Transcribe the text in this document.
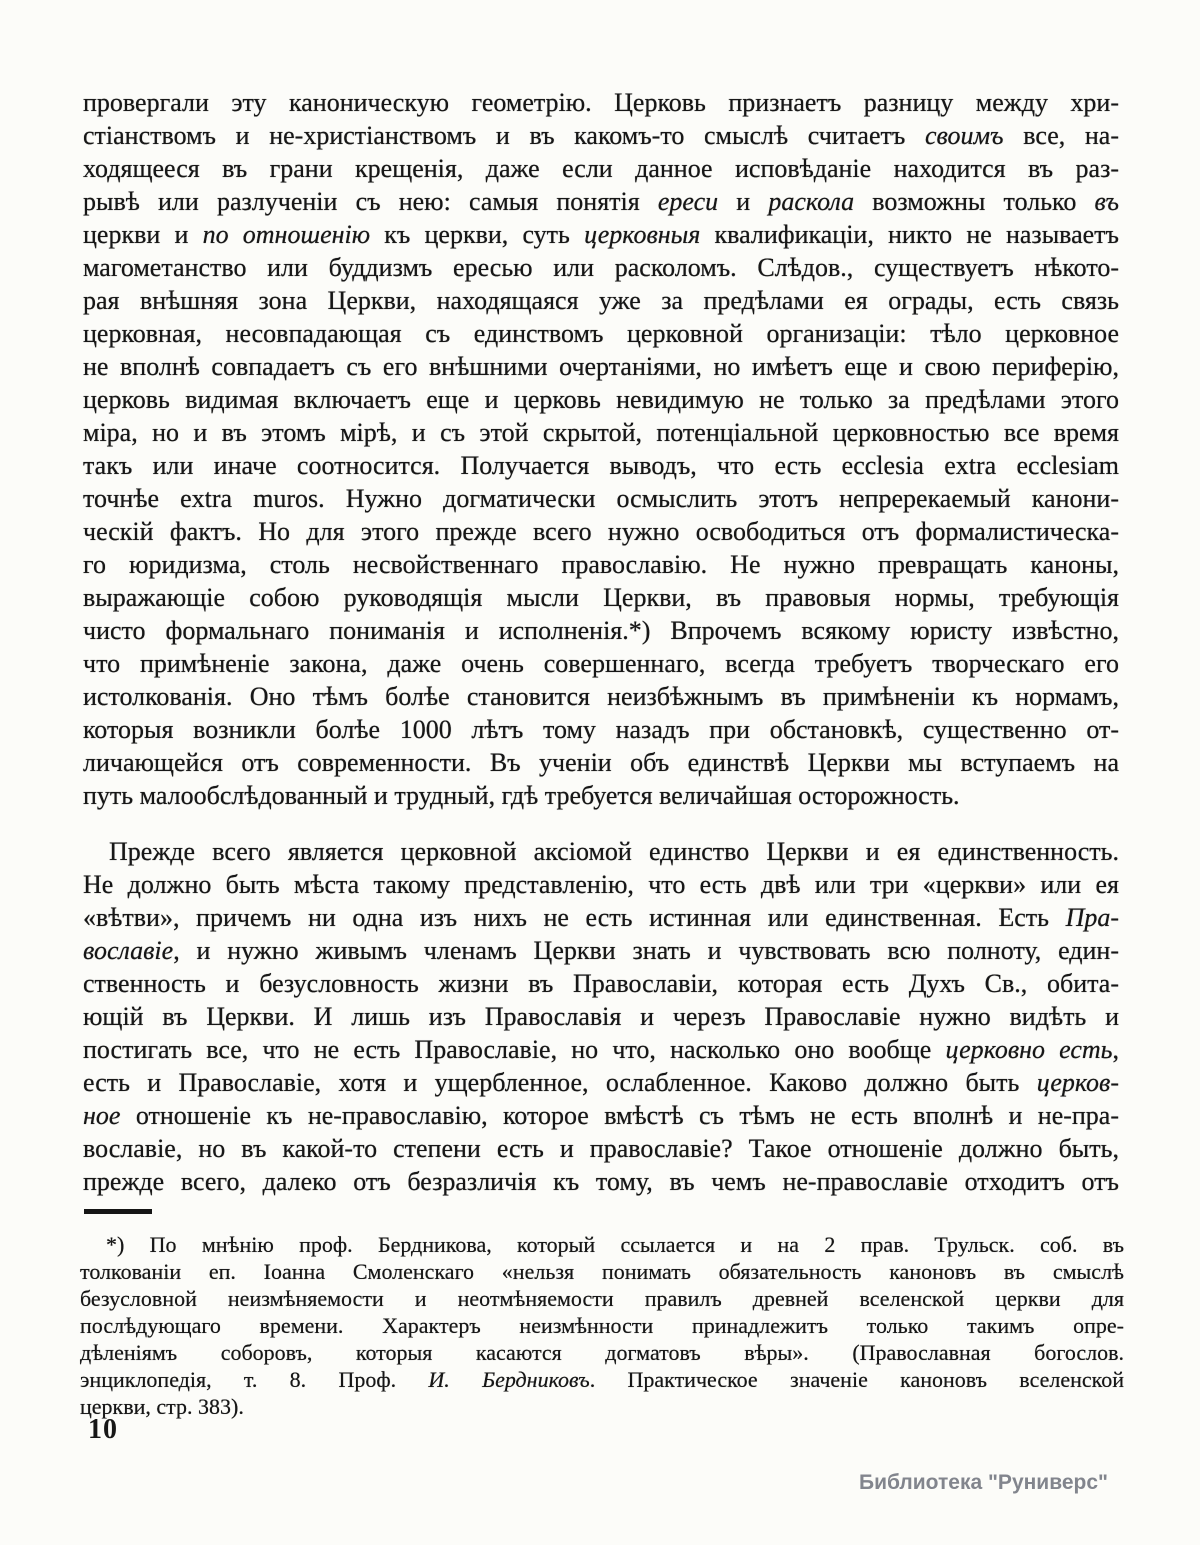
провергали эту каноническую геометрію. Церковь признаетъ разницу между хри-
стіанствомъ и не-христіанствомъ и въ какомъ-то смыслѣ считаетъ своимъ все, на-
ходящееся въ грани крещенія, даже если данное исповѣданіе находится въ раз-
рывѣ или разлученіи съ нею: самыя понятія ереси и раскола возможны только въ
церкви и по отношенію къ церкви, суть церковныя квалификаціи, никто не называетъ
магометанство или буддизмъ ересью или расколомъ. Слѣдов., существуетъ нѣкото-
рая внѣшняя зона Церкви, находящаяся уже за предѣлами ея ограды, есть связь
церковная, несовпадающая съ единствомъ церковной организаціи: тѣло церковное
не вполнѣ совпадаетъ съ его внѣшними очертаніями, но имѣетъ еще и свою периферію,
церковь видимая включаетъ еще и церковь невидимую не только за предѣлами этого
міра, но и въ этомъ мірѣ, и съ этой скрытой, потенціальной церковностью все время
такъ или иначе соотносится. Получается выводъ, что есть ecclesia extra ecclesiam
точнѣе extra muros. Нужно догматически осмыслить этотъ непререкаемый канони-
ческій фактъ. Но для этого прежде всего нужно освободиться отъ формалистическа-
го юридизма, столь несвойственнаго православію. Не нужно превращать каноны,
выражающіе собою руководящія мысли Церкви, въ правовыя нормы, требующія
чисто формальнаго пониманія и исполненія.*) Впрочемъ всякому юристу извѣстно,
что примѣненіе закона, даже очень совершеннаго, всегда требуетъ творческаго его
истолкованія. Оно тѣмъ болѣе становится неизбѣжнымъ въ примѣненіи къ нормамъ,
которыя возникли болѣе 1000 лѣтъ тому назадъ при обстановкѣ, существенно от-
личающейся отъ современности. Въ ученіи объ единствѣ Церкви мы вступаемъ на
путь малообслѣдованный и трудный, гдѣ требуется величайшая осторожность.
Прежде всего является церковной аксіомой единство Церкви и ея единственность.
Не должно быть мѣста такому представленію, что есть двѣ или три «церкви» или ея
«вѣтви», причемъ ни одна изъ нихъ не есть истинная или единственная. Есть Пра-
вославіе, и нужно живымъ членамъ Церкви знать и чувствовать всю полноту, един-
ственность и безусловность жизни въ Православіи, которая есть Духъ Св., обита-
ющій въ Церкви. И лишь изъ Православія и черезъ Православіе нужно видѣть и
постигать все, что не есть Православіе, но что, насколько оно вообще церковно есть,
есть и Православіе, хотя и ущербленное, ослабленное. Каково должно быть церков-
ное отношеніе къ не-православію, которое вмѣстѣ съ тѣмъ не есть вполнѣ и не-пра-
вославіе, но въ какой-то степени есть и православіе? Такое отношеніе должно быть,
прежде всего, далеко отъ безразличія къ тому, въ чемъ не-православіе отходитъ отъ
*) По мнѣнію проф. Бердникова, который ссылается и на 2 прав. Трульск. соб. въ
толкованіи еп. Іоанна Смоленскаго «нельзя понимать обязательность каноновъ въ смыслѣ
безусловной неизмѣняемости и неотмѣняемости правилъ древней вселенской церкви для
послѣдующаго времени. Характеръ неизмѣнности принадлежитъ только такимъ опре-
дѣленіямъ соборовъ, которыя касаются догматовъ вѣры». (Православная богослов.
энциклопедія, т. 8. Проф. И. Бердниковъ. Практическое значеніе каноновъ вселенской
церкви, стр. 383).
10
Библиотека "Руниверс"
